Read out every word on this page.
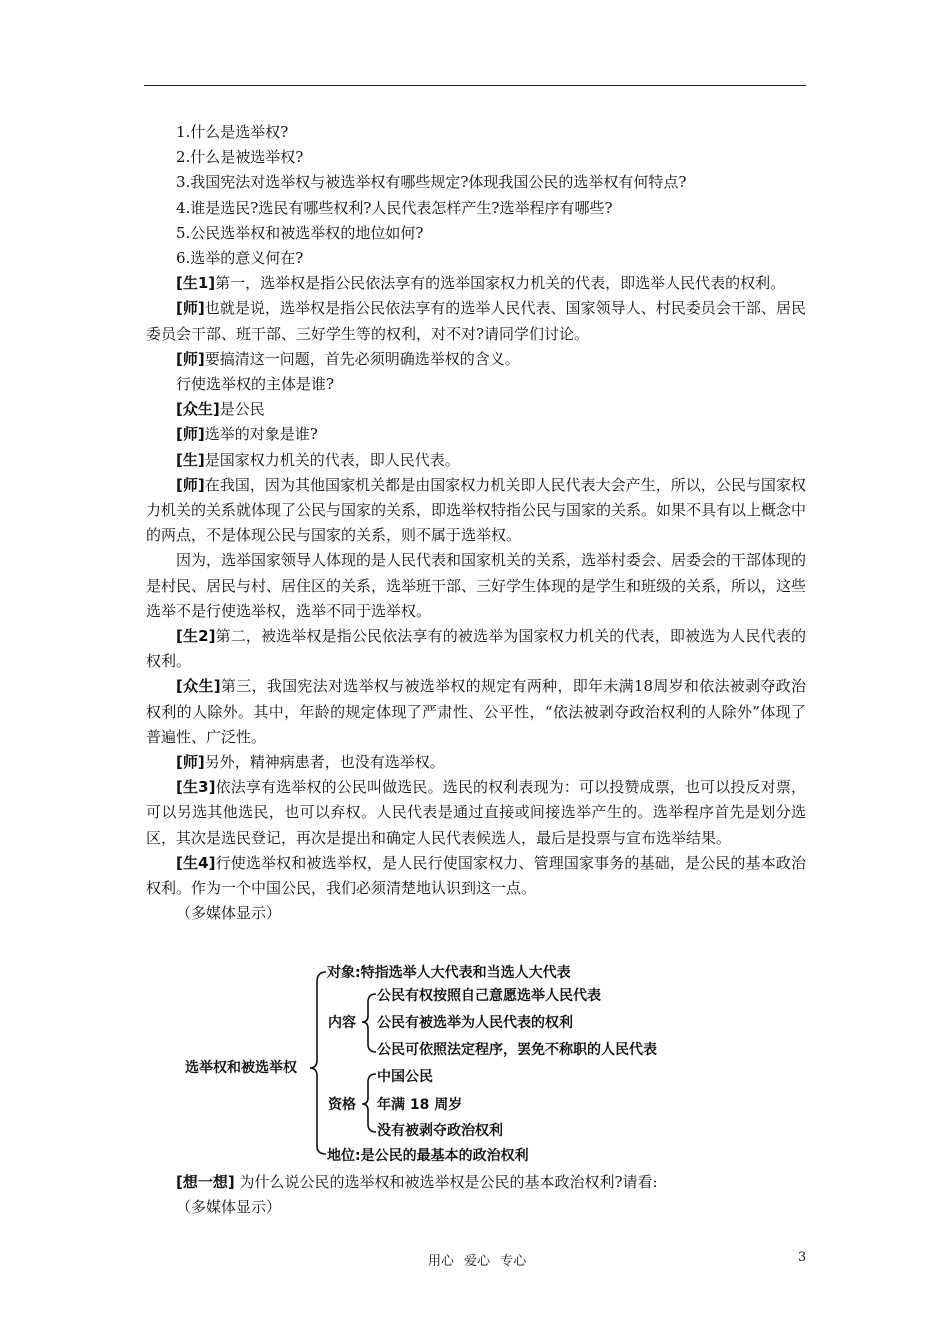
1.什么是选举权?

2.什么是被选举权?

3.我国宪法对选举权与被选举权有哪些规定?体现我国公民的选举权有何特点?

4.谁是选民?选民有哪些权利?人民代表怎样产生?选举程序有哪些?

5.公民选举权和被选举权的地位如何?

6.选举的意义何在?

[生1]第一，选举权是指公民依法享有的选举国家权力机关的代表，即选举人民代表的权利。

[师]也就是说，选举权是指公民依法享有的选举人民代表、国家领导人、村民委员会干部、居民委员会干部、班干部、三好学生等的权利，对不对?请同学们讨论。

[师]要搞清这一问题，首先必须明确选举权的含义。

行使选举权的主体是谁?

[众生]是公民

[师]选举的对象是谁?

[生]是国家权力机关的代表，即人民代表。

[师]在我国，因为其他国家机关都是由国家权力机关即人民代表大会产生，所以，公民与国家权力机关的关系就体现了公民与国家的关系，即选举权特指公民与国家的关系。如果不具有以上概念中的两点，不是体现公民与国家的关系，则不属于选举权。

因为，选举国家领导人体现的是人民代表和国家机关的关系，选举村委会、居委会的干部体现的是村民、居民与村、居住区的关系，选举班干部、三好学生体现的是学生和班级的关系，所以，这些选举不是行使选举权，选举不同于选举权。

[生2]第二，被选举权是指公民依法享有的被选举为国家权力机关的代表，即被选为人民代表的权利。

[众生]第三，我国宪法对选举权与被选举权的规定有两种，即年未满18周岁和依法被剥夺政治权利的人除外。其中，年龄的规定体现了严肃性、公平性，“依法被剥夺政治权利的人除外”体现了普遍性、广泛性。

[师]另外，精神病患者，也没有选举权。

[生3]依法享有选举权的公民叫做选民。选民的权利表现为：可以投赞成票，也可以投反对票，可以另选其他选民，也可以弃权。人民代表是通过直接或间接选举产生的。选举程序首先是划分选区，其次是选民登记，再次是提出和确定人民代表候选人，最后是投票与宣布选举结果。

[生4]行使选举权和被选举权，是人民行使国家权力、管理国家事务的基础，是公民的基本政治权利。作为一个中国公民，我们必须清楚地认识到这一点。

（多媒体显示）

选举权和被选举权
对象:特指选举人大代表和当选人大代表
内容
公民有权按照自己意愿选举人民代表
公民有被选举为人民代表的权利
公民可依照法定程序，罢免不称职的人民代表
资格
中国公民
年满 18 周岁
没有被剥夺政治权利
地位:是公民的最基本的政治权利

[想一想] 为什么说公民的选举权和被选举权是公民的基本政治权利?请看:

（多媒体显示）

用心 爱心 专心	3
